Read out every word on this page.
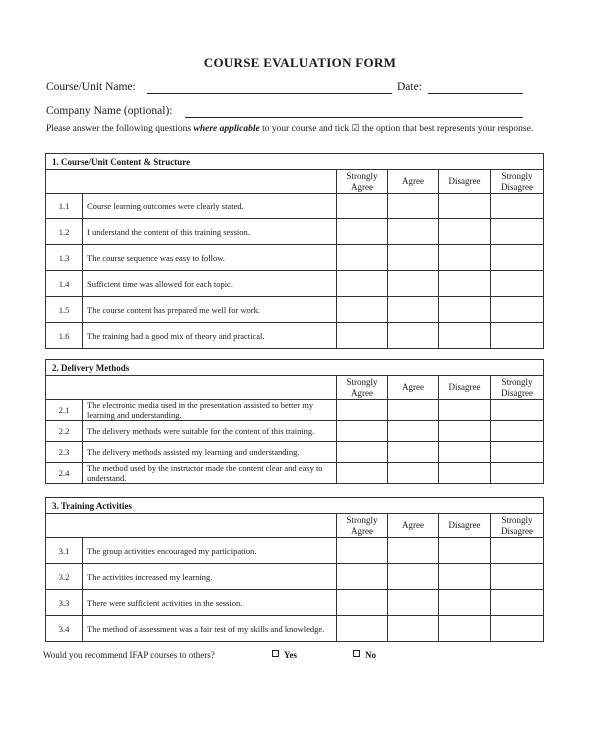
COURSE EVALUATION FORM
Course/Unit Name:	Date:
Company Name (optional):
Please answer the following questions where applicable to your course and tick ☑ the option that best represents your response.
1. Course/Unit Content & Structure					
		Strongly Agree	Agree	Disagree	Strongly Disagree
1.1	Course learning outcomes were clearly stated.				
1.2	I understand the content of this training session.				
1.3	The course sequence was easy to follow.				
1.4	Sufficient time was allowed for each topic.				
1.5	The course content has prepared me well for work.				
1.6	The training had a good mix of theory and practical.				
2. Delivery Methods					
		Strongly Agree	Agree	Disagree	Strongly Disagree
2.1	The electronic media used in the presentation assisted to better my learning and understanding.				
2.2	The delivery methods were suitable for the content of this training.				
2.3	The delivery methods assisted my learning and understanding.				
2.4	The method used by the instructor made the content clear and easy to understand.				
3. Training Activities					
		Strongly Agree	Agree	Disagree	Strongly Disagree
3.1	The group activities encouraged my participation.				
3.2	The activities increased my learning.				
3.3	There were sufficient activities in the session.				
3.4	The method of assessment was a fair test of my skills and knowledge.				
Would you recommend IFAP courses to others?	Yes	No
